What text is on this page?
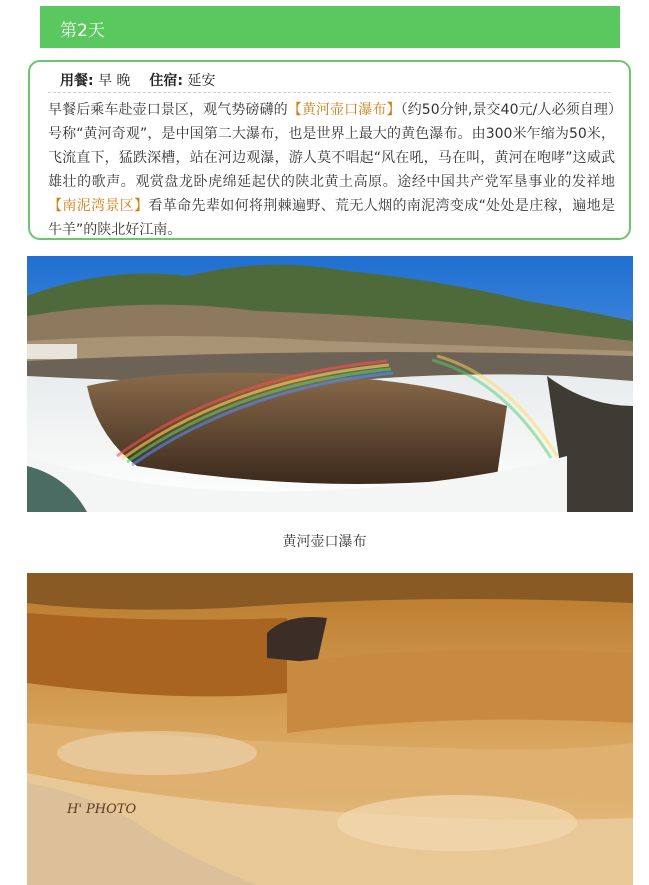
第2天
用餐: 早 晚 住宿: 延安
早餐后乘车赴壶口景区，观气势磅礴的【黄河壶口瀑布】（约50分钟,景交40元/人必须自理）号称“黄河奇观”，是中国第二大瀑布，也是世界上最大的黄色瀑布。由300米乍缩为50米，飞流直下，猛跌深槽，站在河边观瀑，游人莫不唱起“风在吼，马在叫，黄河在咆哮”这威武雄壮的歌声。观赏盘龙卧虎绵延起伏的陕北黄土高原。途经中国共产党军垦事业的发祥地【南泥湾景区】看革命先辈如何将荆棘遍野、荒无人烟的南泥湾变成“处处是庄稼，遍地是牛羊”的陕北好江南。
黄河壶口瀑布
H' PHOTO
